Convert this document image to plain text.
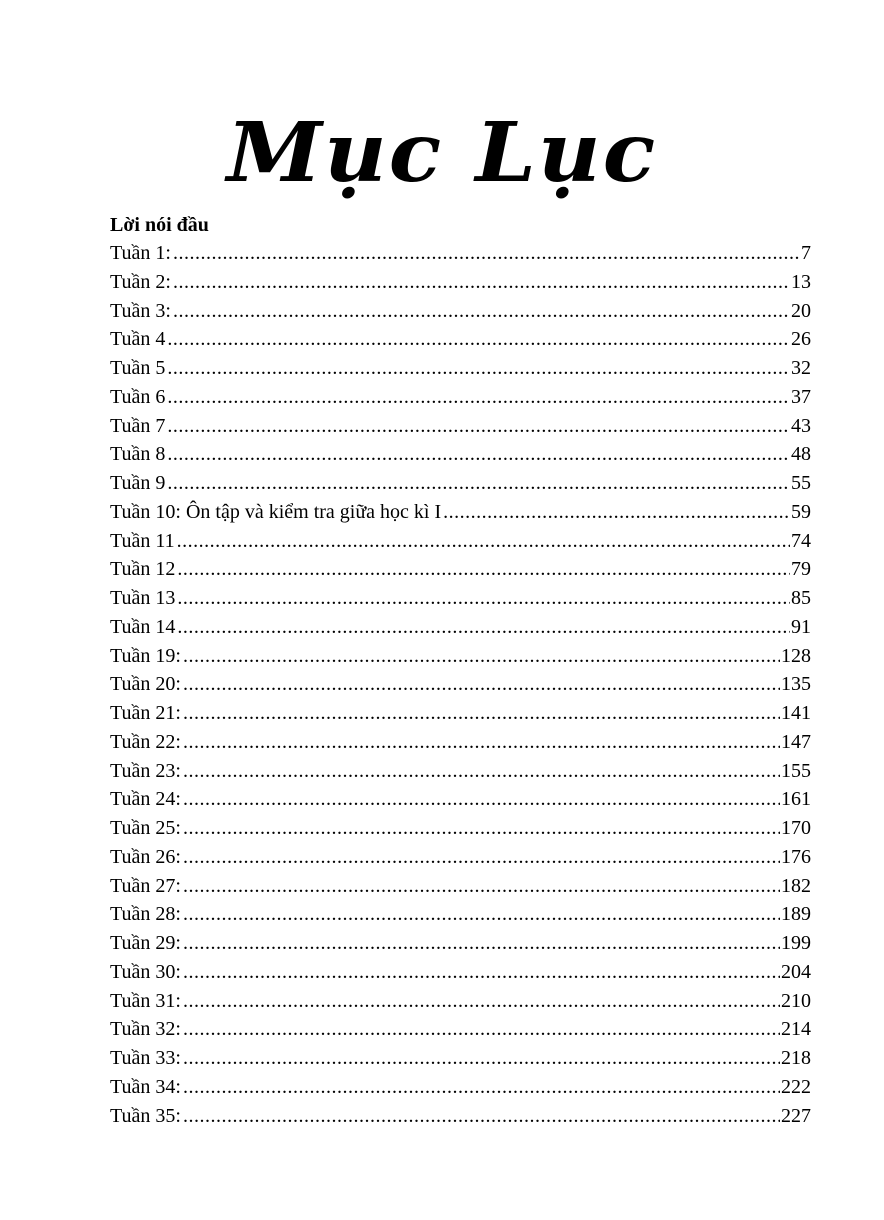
Mục Lục
Lời nói đầu
Tuần 1: .....	7
Tuần 2: .....	13
Tuần 3: .....	20
Tuần 4 .....	26
Tuần 5 .....	32
Tuần 6 .....	37
Tuần 7 .....	43
Tuần 8 .....	48
Tuần 9 .....	55
Tuần 10: Ôn tập và kiểm tra giữa học kì I .....	59
Tuần 11 .....	74
Tuần 12 .....	79
Tuần 13 .....	85
Tuần 14 .....	91
Tuần 19: .....	128
Tuần 20: .....	135
Tuần 21: .....	141
Tuần 22: .....	147
Tuần 23: .....	155
Tuần 24: .....	161
Tuần 25: .....	170
Tuần 26: .....	176
Tuần 27: .....	182
Tuần 28: .....	189
Tuần 29: .....	199
Tuần 30: .....	204
Tuần 31: .....	210
Tuần 32: .....	214
Tuần 33: .....	218
Tuần 34: .....	222
Tuần 35: .....	227
